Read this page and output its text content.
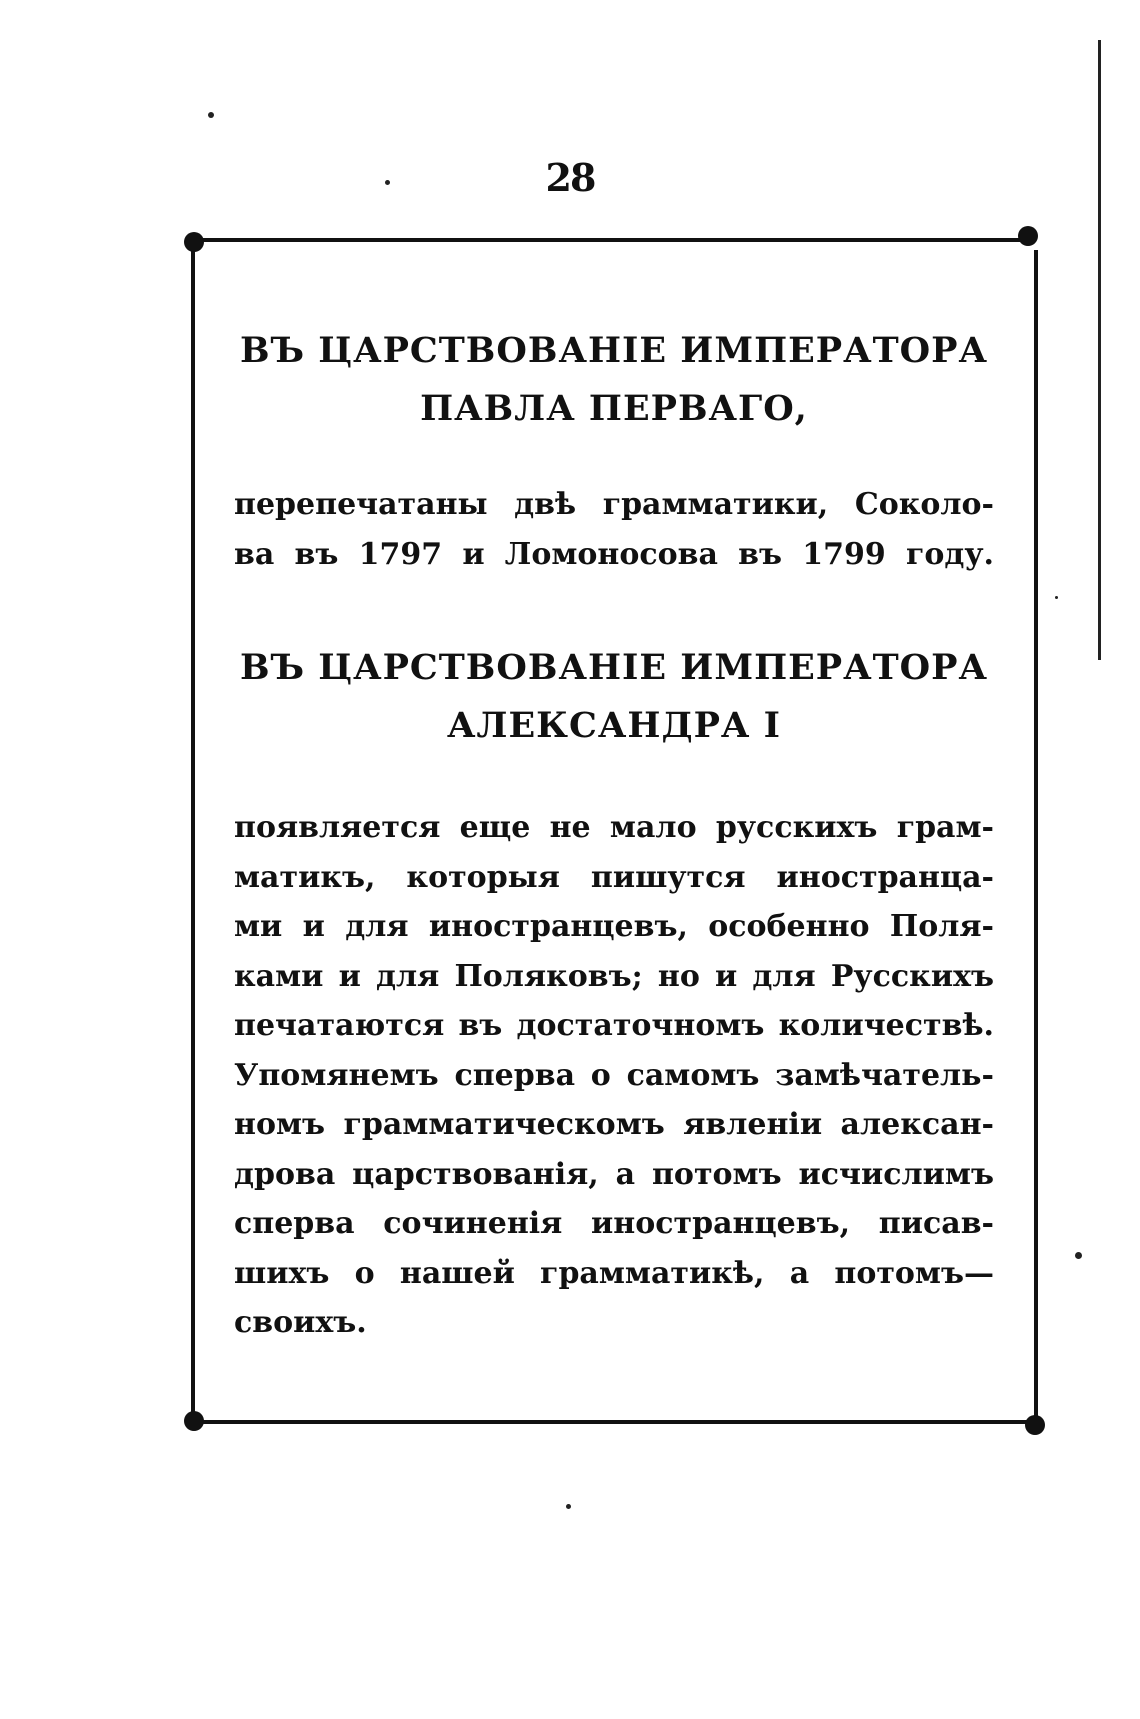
28

ВЪ ЦАРСТВОВАНІЕ ИМПЕРАТОРА

ПАВЛА ПЕРВАГО,

перепечатаны двѣ грамматики, Соколо-
ва въ 1797 и Ломоносова въ 1799 году.

ВЪ ЦАРСТВОВАНІЕ ИМПЕРАТОРА

АЛЕКСАНДРА I

появляется еще не мало русскихъ грам-
матикъ, которыя пишутся иностранца-
ми и для иностранцевъ, особенно Поля-
ками и для Поляковъ; но и для Русскихъ
печатаются въ достаточномъ количествѣ.
Упомянемъ сперва о самомъ замѣчатель-
номъ грамматическомъ явленіи алексан-
дрова царствованія, а потомъ исчислимъ
сперва сочиненія иностранцевъ, писав-
шихъ о нашей грамматикѣ, а потомъ—
своихъ.
